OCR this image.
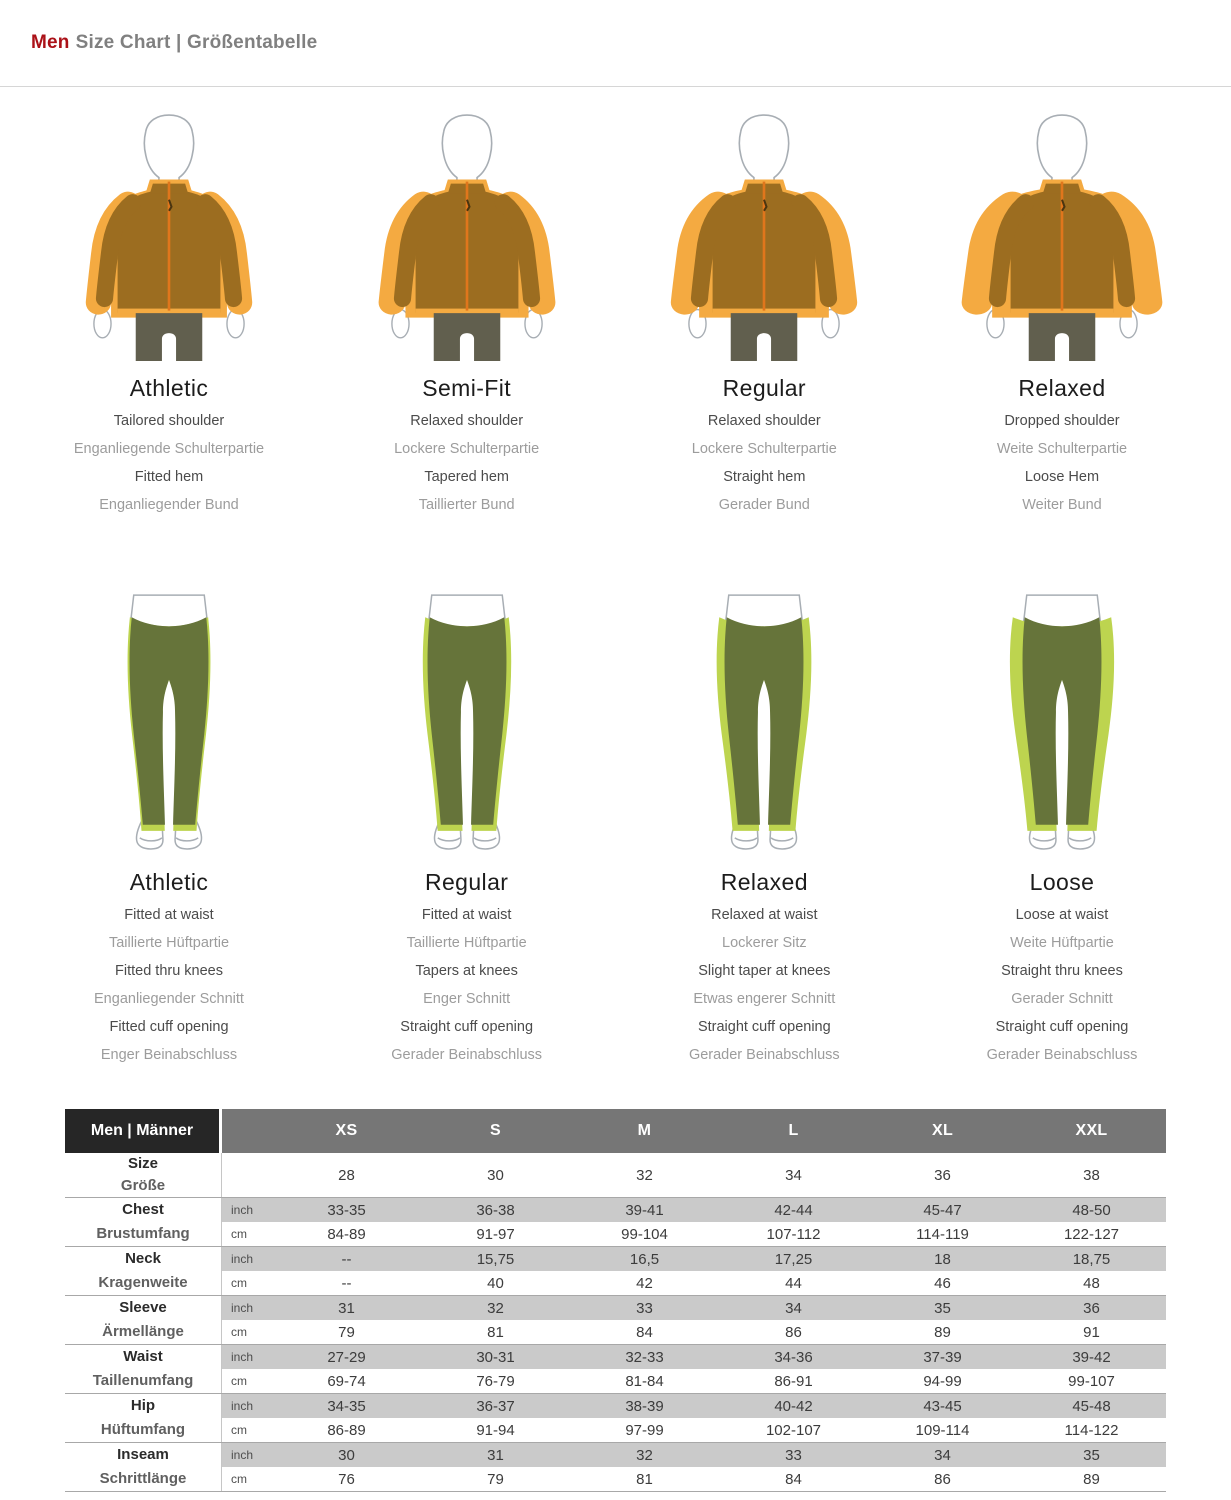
Men Size Chart | Größentabelle
Athletic

Tailored shoulder

Enganliegende Schulterpartie

Fitted hem

Enganliegender Bund

Semi-Fit

Relaxed shoulder

Lockere Schulterpartie

Tapered hem

Taillierter Bund

Regular

Relaxed shoulder

Lockere Schulterpartie

Straight hem

Gerader Bund

Relaxed

Dropped shoulder

Weite Schulterpartie

Loose Hem

Weiter Bund

Athletic

Fitted at waist

Taillierte Hüftpartie

Fitted thru knees

Enganliegender Schnitt

Fitted cuff opening

Enger Beinabschluss

Regular

Fitted at waist

Taillierte Hüftpartie

Tapers at knees

Enger Schnitt

Straight cuff opening

Gerader Beinabschluss

Relaxed

Relaxed at waist

Lockerer Sitz

Slight taper at knees

Etwas engerer Schnitt

Straight cuff opening

Gerader Beinabschluss

Loose

Loose at waist

Weite Hüftpartie

Straight thru knees

Gerader Schnitt

Straight cuff opening

Gerader Beinabschluss

Men | Männer	XS	S	M	L	XL	XXL
Size
Größe
28	30	32	34	36	38
Chest
Brustumfang
inch	33-35	36-38	39-41	42-44	45-47	48-50
cm	84-89	91-97	99-104	107-112	114-119	122-127
Neck
Kragenweite
inch	--	15,75	16,5	17,25	18	18,75
cm	--	40	42	44	46	48
Sleeve
Ärmellänge
inch	31	32	33	34	35	36
cm	79	81	84	86	89	91
Waist
Taillenumfang
inch	27-29	30-31	32-33	34-36	37-39	39-42
cm	69-74	76-79	81-84	86-91	94-99	99-107
Hip
Hüftumfang
inch	34-35	36-37	38-39	40-42	43-45	45-48
cm	86-89	91-94	97-99	102-107	109-114	114-122
Inseam
Schrittlänge
inch	30	31	32	33	34	35
cm	76	79	81	84	86	89
